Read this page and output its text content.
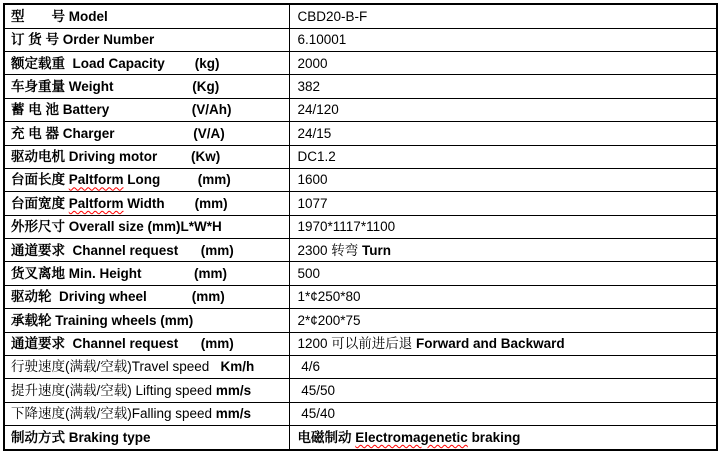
型　　号 Model	CBD20-B-F
订 货 号 Order Number	6.10001
额定载重  Load Capacity        (kg)	2000
车身重量 Weight                     (Kg)	382
蓄 电 池 Battery                      (V/Ah)	24/120
充 电 器 Charger                     (V/A)	24/15
驱动电机 Driving motor         (Kw)	DC1.2
台面长度 Paltform Long          (mm)	1600
台面宽度 Paltform Width        (mm)	1077
外形尺寸 Overall size (mm)L*W*H	1970*1117*1100
通道要求  Channel request      (mm)	2300 转弯 Turn
货叉离地 Min. Height              (mm)	500
驱动轮  Driving wheel            (mm)	1*¢250*80
承载轮 Training wheels (mm)	2*¢200*75
通道要求  Channel request      (mm)	1200 可以前进后退 Forward and Backward
行驶速度(满载/空载)Travel speed   Km/h	4/6
提升速度(满载/空载) Lifting speed mm/s	45/50
下降速度(满载/空载)Falling speed mm/s	45/40
制动方式 Braking type	电磁制动 Electromagenetic braking
